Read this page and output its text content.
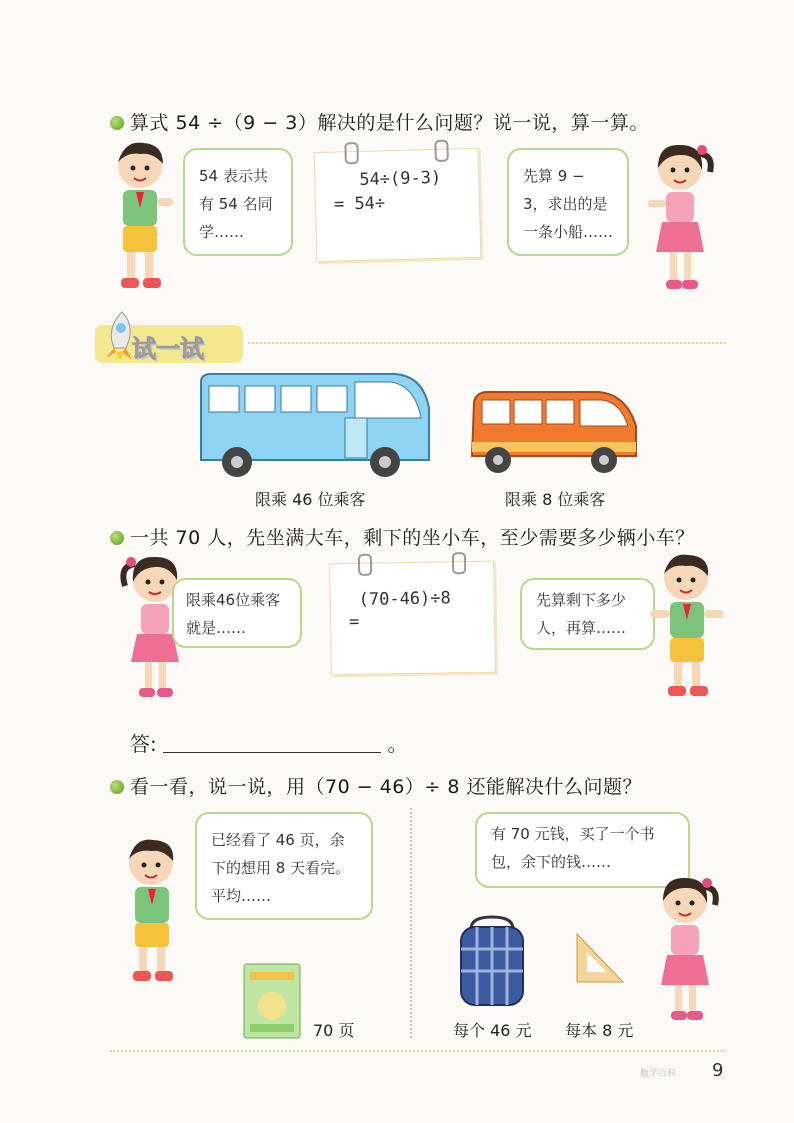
算式 54 ÷（9 − 3）解决的是什么问题？说一说，算一算。
54 表示共有 54 名同学……
54÷(9-3)
= 54÷
先算 9 − 3，求出的是一条小船……
试一试
限乘 46 位乘客	限乘 8 位乘客
一共 70 人，先坐满大车，剩下的坐小车，至少需要多少辆小车？
限乘46位乘客就是……
(70-46)÷8
=
先算剩下多少人，再算……
答:	。
看一看，说一说，用（70 − 46）÷ 8 还能解决什么问题？
已经看了 46 页，余下的想用 8 天看完。平均……
70 页
有 70 元钱，买了一个书包，余下的钱……
每个 46 元 每本 8 元
数学百科 9
